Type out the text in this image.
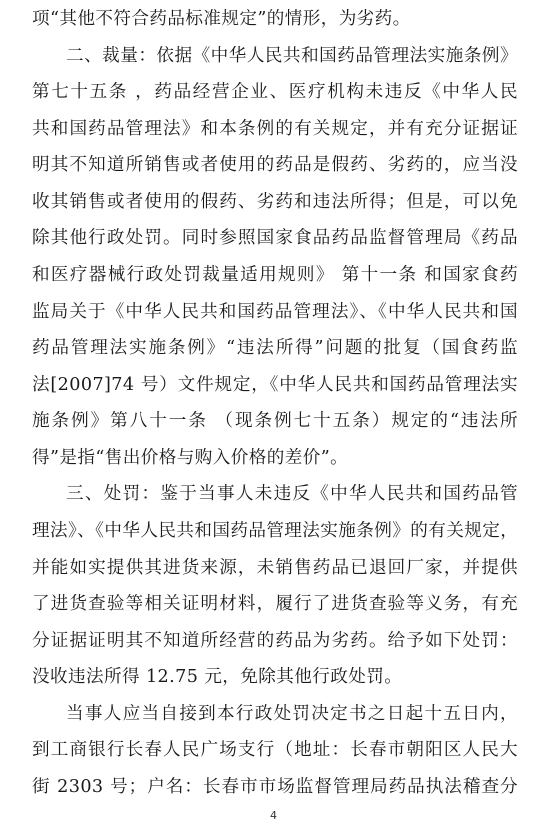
项“其他不符合药品标准规定”的情形，为劣药。
二、裁量：依据《中华人民共和国药品管理法实施条例》
第七十五条 ，药品经营企业、医疗机构未违反《中华人民
共和国药品管理法》和本条例的有关规定，并有充分证据证
明其不知道所销售或者使用的药品是假药、劣药的，应当没
收其销售或者使用的假药、劣药和违法所得；但是，可以免
除其他行政处罚。同时参照国家食品药品监督管理局《药品
和医疗器械行政处罚裁量适用规则》 第十一条 和国家食药
监局关于《中华人民共和国药品管理法》、《中华人民共和国
药品管理法实施条例》“违法所得”问题的批复（国食药监
法[2007]74 号）文件规定，《中华人民共和国药品管理法实
施条例》第八十一条 （现条例七十五条）规定的“违法所
得”是指“售出价格与购入价格的差价”。
三、处罚：鉴于当事人未违反《中华人民共和国药品管
理法》、《中华人民共和国药品管理法实施条例》的有关规定，
并能如实提供其进货来源，未销售药品已退回厂家，并提供
了进货查验等相关证明材料，履行了进货查验等义务，有充
分证据证明其不知道所经营的药品为劣药。给予如下处罚：
没收违法所得 12.75 元，免除其他行政处罚。
当事人应当自接到本行政处罚决定书之日起十五日内，
到工商银行长春人民广场支行（地址：长春市朝阳区人民大
街 2303 号；户名：长春市市场监督管理局药品执法稽查分
4
